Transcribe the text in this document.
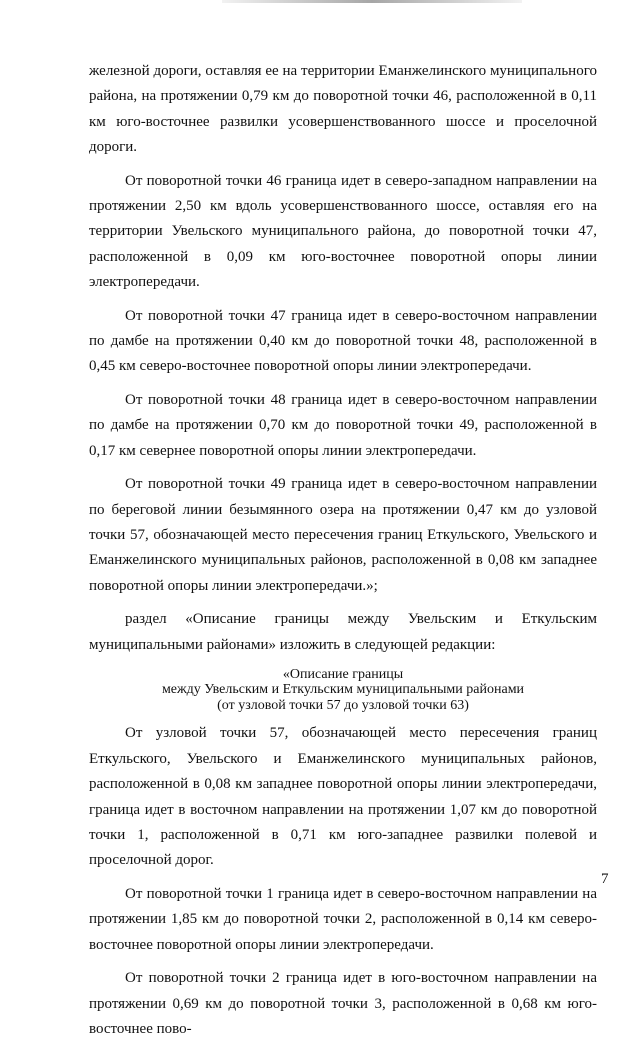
железной дороги, оставляя ее на территории Еманжелинского муниципального района, на протяжении 0,79 км до поворотной точки 46, расположенной в 0,11 км юго-восточнее развилки усовершенствованного шоссе и проселочной дороги.

От поворотной точки 46 граница идет в северо-западном направлении на протяжении 2,50 км вдоль усовершенствованного шоссе, оставляя его на территории Увельского муниципального района, до поворотной точки 47, расположенной в 0,09 км юго-восточнее поворотной опоры линии электропередачи.

От поворотной точки 47 граница идет в северо-восточном направлении по дамбе на протяжении 0,40 км до поворотной точки 48, расположенной в 0,45 км северо-восточнее поворотной опоры линии электропередачи.

От поворотной точки 48 граница идет в северо-восточном направлении по дамбе на протяжении 0,70 км до поворотной точки 49, расположенной в 0,17 км севернее поворотной опоры линии электропередачи.

От поворотной точки 49 граница идет в северо-восточном направлении по береговой линии безымянного озера на протяжении 0,47 км до узловой точки 57, обозначающей место пересечения границ Еткульского, Увельского и Еманжелинского муниципальных районов, расположенной в 0,08 км западнее поворотной опоры линии электропередачи.»;

раздел «Описание границы между Увельским и Еткульским муниципальными районами» изложить в следующей редакции:

«Описание границы
между Увельским и Еткульским муниципальными районами
(от узловой точки 57 до узловой точки 63)

От узловой точки 57, обозначающей место пересечения границ Еткульского, Увельского и Еманжелинского муниципальных районов, расположенной в 0,08 км западнее поворотной опоры линии электропередачи, граница идет в восточном направлении на протяжении 1,07 км до поворотной точки 1, расположенной в 0,71 км юго-западнее развилки полевой и проселочной дорог.

От поворотной точки 1 граница идет в северо-восточном направлении на протяжении 1,85 км до поворотной точки 2, расположенной в 0,14 км северо-восточнее поворотной опоры линии электропередачи.

От поворотной точки 2 граница идет в юго-восточном направлении на протяжении 0,69 км до поворотной точки 3, расположенной в 0,68 км юго-восточнее пово-

7
